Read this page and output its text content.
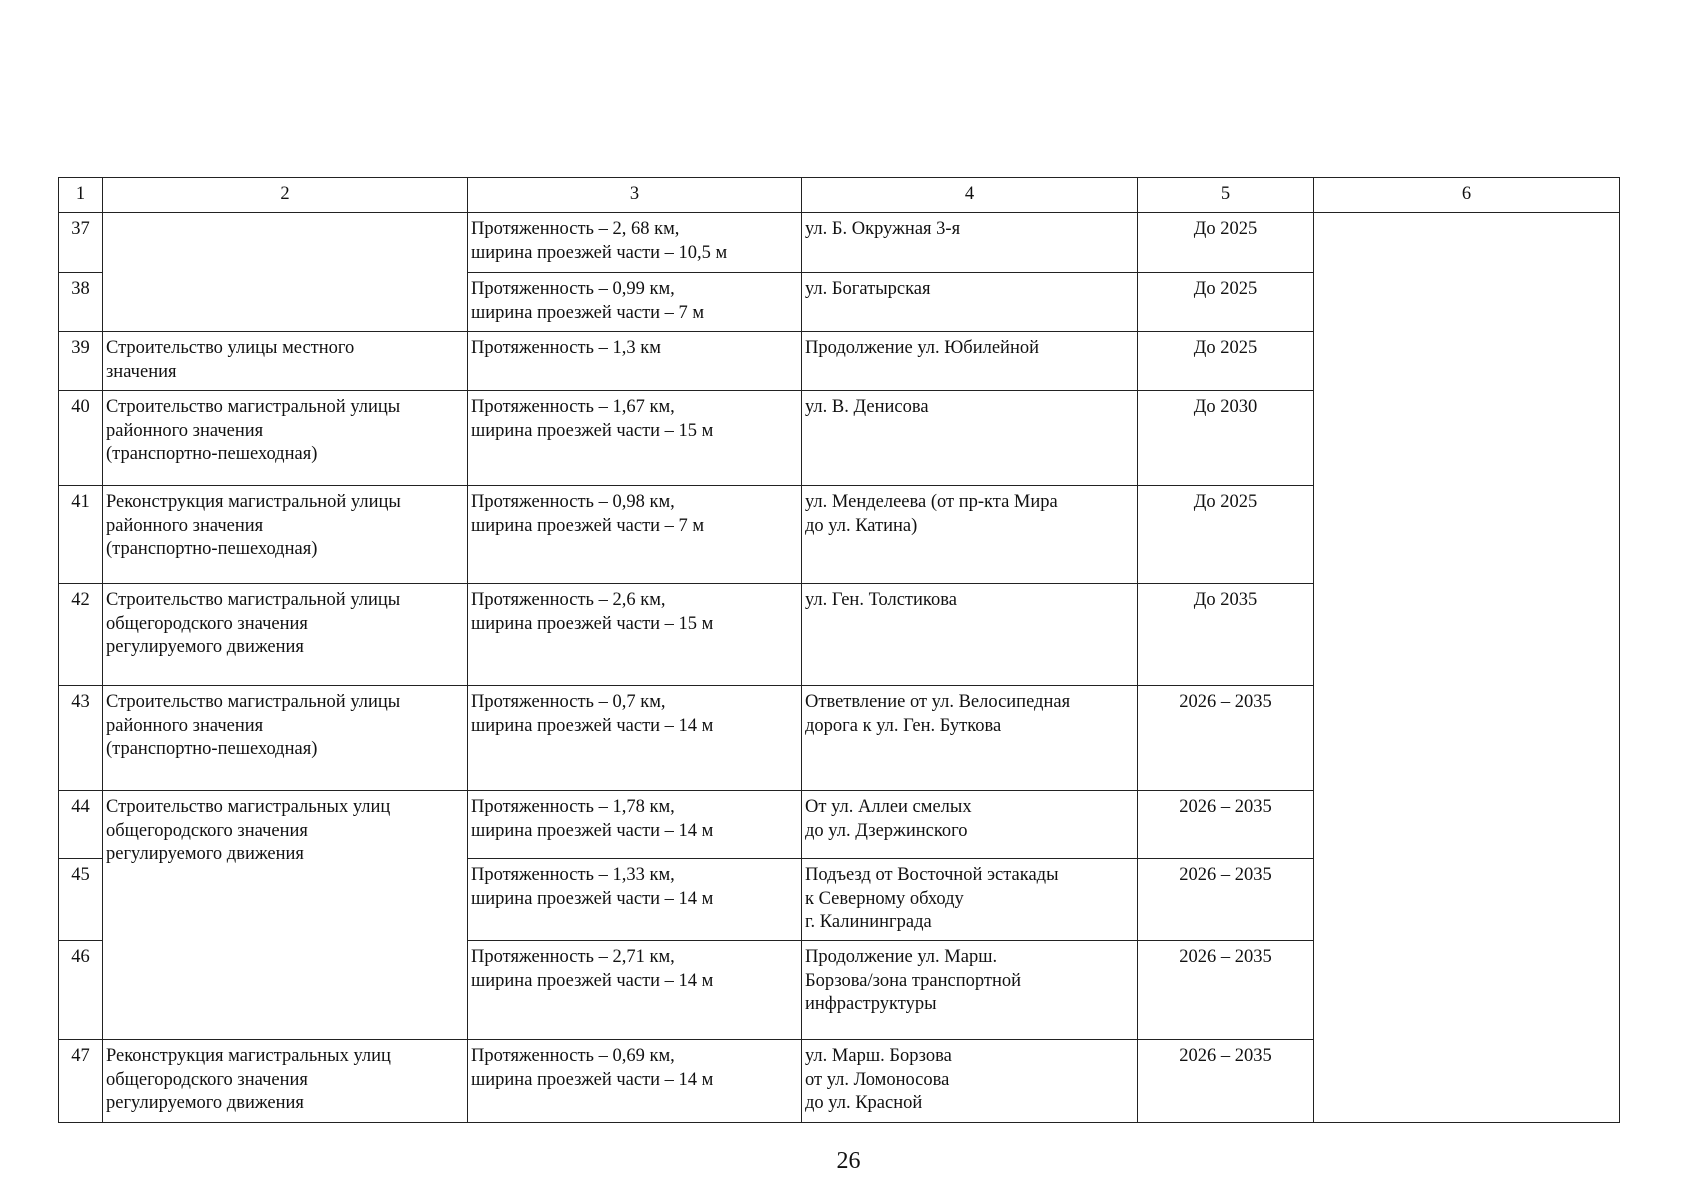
1	2	3	4	5	6
37		Протяженность – 2, 68 км,
ширина проезжей части – 10,5 м	ул. Б. Окружная 3-я	До 2025	
38		Протяженность – 0,99 км,
ширина проезжей части – 7 м	ул. Богатырская	До 2025	
39	Строительство улицы местного
значения	Протяженность – 1,3 км	Продолжение ул. Юбилейной	До 2025	
40	Строительство магистральной улицы
районного значения
(транспортно-пешеходная)	Протяженность – 1,67 км,
ширина проезжей части – 15 м	ул. В. Денисова	До 2030	
41	Реконструкция магистральной улицы
районного значения
(транспортно-пешеходная)	Протяженность – 0,98 км,
ширина проезжей части – 7 м	ул. Менделеева (от пр-кта Мира
до ул. Катина)	До 2025	
42	Строительство магистральной улицы
общегородского значения
регулируемого движения	Протяженность – 2,6 км,
ширина проезжей части – 15 м	ул. Ген. Толстикова	До 2035	
43	Строительство магистральной улицы
районного значения
(транспортно-пешеходная)	Протяженность – 0,7 км,
ширина проезжей части – 14 м	Ответвление от ул. Велосипедная
дорога к ул. Ген. Буткова	2026 – 2035	
44	Строительство магистральных улиц
общегородского значения
регулируемого движения	Протяженность – 1,78 км,
ширина проезжей части – 14 м	От ул. Аллеи смелых
до ул. Дзержинского	2026 – 2035	
45		Протяженность – 1,33 км,
ширина проезжей части – 14 м	Подъезд от Восточной эстакады
к Северному обходу
г. Калининграда	2026 – 2035	
46		Протяженность – 2,71 км,
ширина проезжей части – 14 м	Продолжение ул. Марш.
Борзова/зона транспортной
инфраструктуры	2026 – 2035	
47	Реконструкция магистральных улиц
общегородского значения
регулируемого движения	Протяженность – 0,69 км,
ширина проезжей части – 14 м	ул. Марш. Борзова
от ул. Ломоносова
до ул. Красной	2026 – 2035	
26
